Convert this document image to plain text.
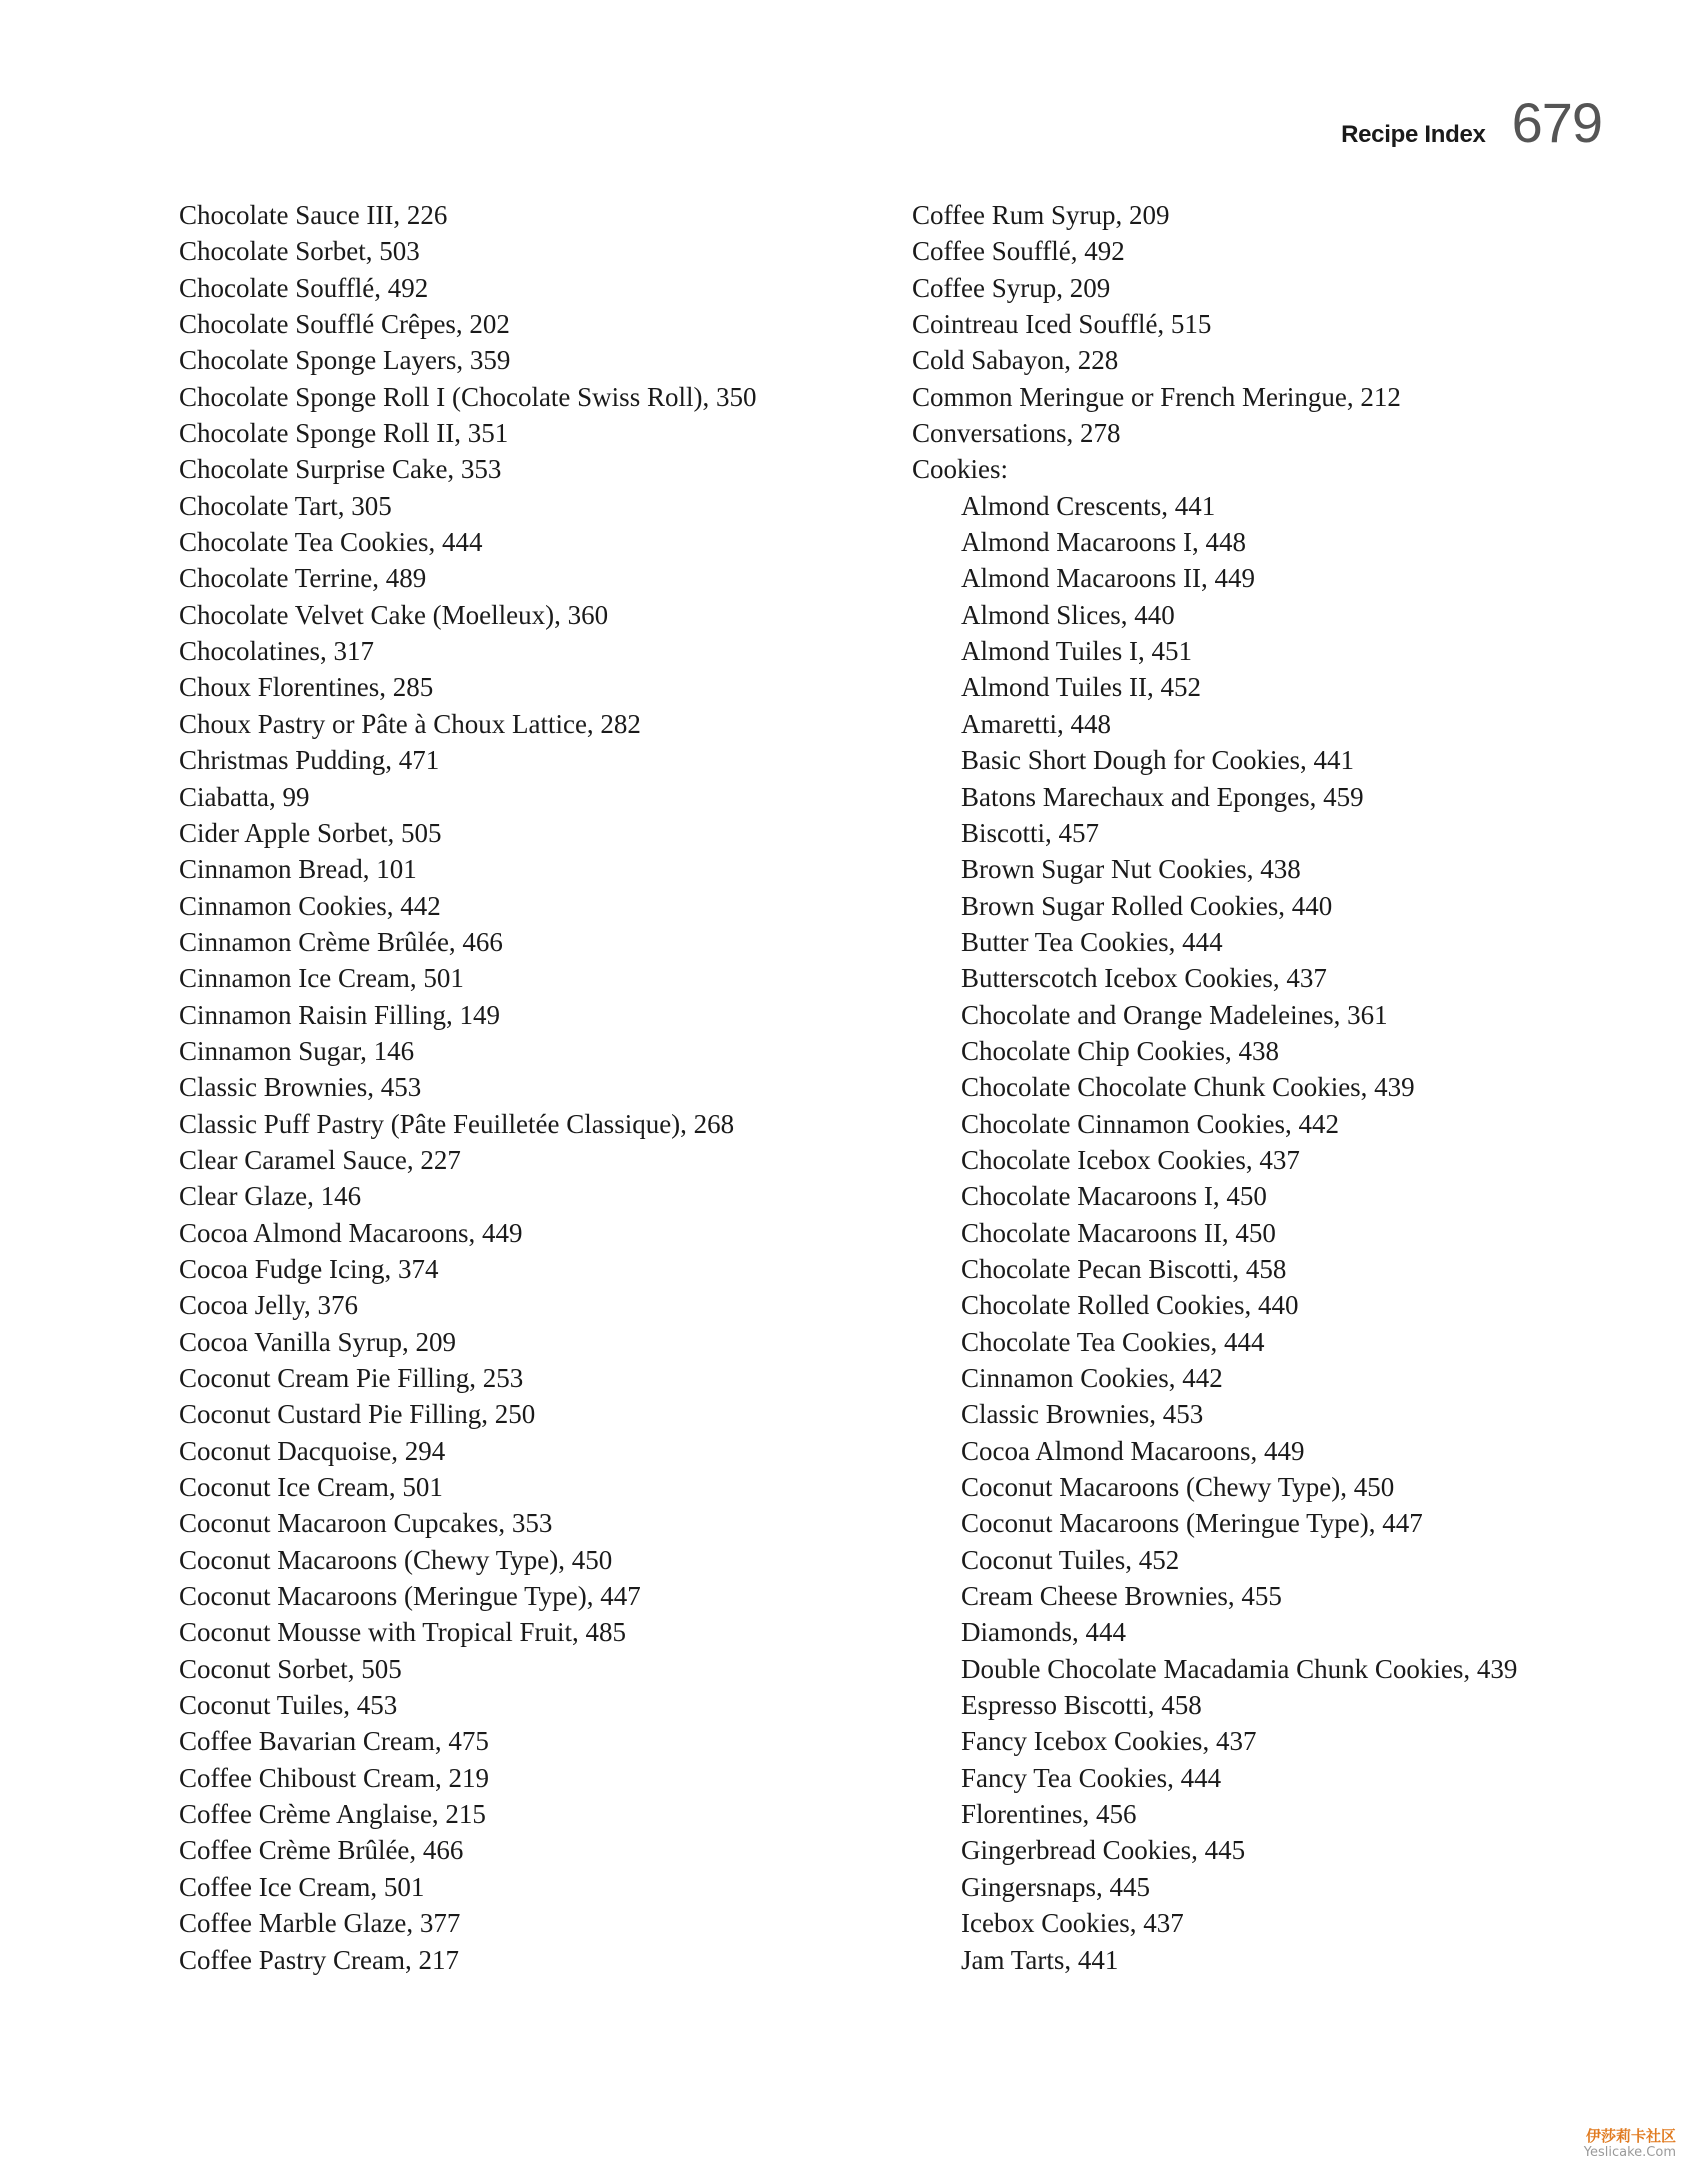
Recipe Index 679
Chocolate Sauce III, 226
Chocolate Sorbet, 503
Chocolate Soufflé, 492
Chocolate Soufflé Crêpes, 202
Chocolate Sponge Layers, 359
Chocolate Sponge Roll I (Chocolate Swiss Roll), 350
Chocolate Sponge Roll II, 351
Chocolate Surprise Cake, 353
Chocolate Tart, 305
Chocolate Tea Cookies, 444
Chocolate Terrine, 489
Chocolate Velvet Cake (Moelleux), 360
Chocolatines, 317
Choux Florentines, 285
Choux Pastry or Pâte à Choux Lattice, 282
Christmas Pudding, 471
Ciabatta, 99
Cider Apple Sorbet, 505
Cinnamon Bread, 101
Cinnamon Cookies, 442
Cinnamon Crème Brûlée, 466
Cinnamon Ice Cream, 501
Cinnamon Raisin Filling, 149
Cinnamon Sugar, 146
Classic Brownies, 453
Classic Puff Pastry (Pâte Feuilletée Classique), 268
Clear Caramel Sauce, 227
Clear Glaze, 146
Cocoa Almond Macaroons, 449
Cocoa Fudge Icing, 374
Cocoa Jelly, 376
Cocoa Vanilla Syrup, 209
Coconut Cream Pie Filling, 253
Coconut Custard Pie Filling, 250
Coconut Dacquoise, 294
Coconut Ice Cream, 501
Coconut Macaroon Cupcakes, 353
Coconut Macaroons (Chewy Type), 450
Coconut Macaroons (Meringue Type), 447
Coconut Mousse with Tropical Fruit, 485
Coconut Sorbet, 505
Coconut Tuiles, 453
Coffee Bavarian Cream, 475
Coffee Chiboust Cream, 219
Coffee Crème Anglaise, 215
Coffee Crème Brûlée, 466
Coffee Ice Cream, 501
Coffee Marble Glaze, 377
Coffee Pastry Cream, 217
Coffee Rum Syrup, 209
Coffee Soufflé, 492
Coffee Syrup, 209
Cointreau Iced Soufflé, 515
Cold Sabayon, 228
Common Meringue or French Meringue, 212
Conversations, 278
Cookies:
Almond Crescents, 441
Almond Macaroons I, 448
Almond Macaroons II, 449
Almond Slices, 440
Almond Tuiles I, 451
Almond Tuiles II, 452
Amaretti, 448
Basic Short Dough for Cookies, 441
Batons Marechaux and Eponges, 459
Biscotti, 457
Brown Sugar Nut Cookies, 438
Brown Sugar Rolled Cookies, 440
Butter Tea Cookies, 444
Butterscotch Icebox Cookies, 437
Chocolate and Orange Madeleines, 361
Chocolate Chip Cookies, 438
Chocolate Chocolate Chunk Cookies, 439
Chocolate Cinnamon Cookies, 442
Chocolate Icebox Cookies, 437
Chocolate Macaroons I, 450
Chocolate Macaroons II, 450
Chocolate Pecan Biscotti, 458
Chocolate Rolled Cookies, 440
Chocolate Tea Cookies, 444
Cinnamon Cookies, 442
Classic Brownies, 453
Cocoa Almond Macaroons, 449
Coconut Macaroons (Chewy Type), 450
Coconut Macaroons (Meringue Type), 447
Coconut Tuiles, 452
Cream Cheese Brownies, 455
Diamonds, 444
Double Chocolate Macadamia Chunk Cookies, 439
Espresso Biscotti, 458
Fancy Icebox Cookies, 437
Fancy Tea Cookies, 444
Florentines, 456
Gingerbread Cookies, 445
Gingersnaps, 445
Icebox Cookies, 437
Jam Tarts, 441
伊莎莉卡社区
Yeslicake.Com
